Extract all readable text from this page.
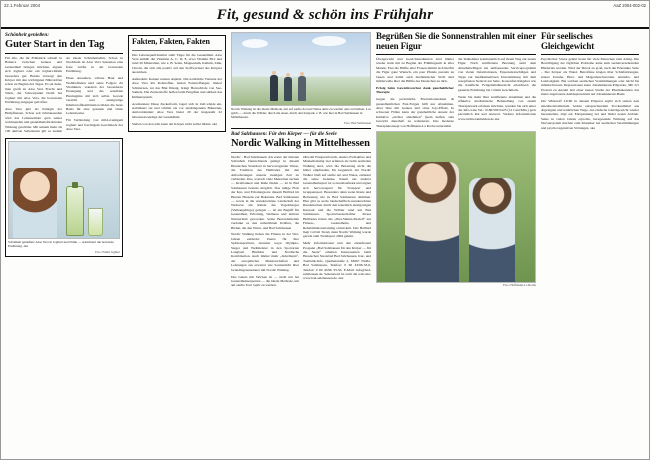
22.1.Februar 2004
Fit, gesund & schön ins Frühjahr
AaZ 2004-002-02
Schönheit genießen:
Guter Start in den Tag

Für alle, die ihr Frühstück schnell in Balance zwischen Genuss und Gesundheit bringen möchten, eignen sich Joghurt oder ein Joghurt-Drink besonders gut. Beides versorgt den Körper mit den wichtigsten Nährstoffen schon zu Beginn des Tages. Es sei denn, man greift zu Aloe Vera Frucht und Stück, der Schwerpunkt bleibt bei Joghurt mit Aloe Vera, die bewussten Ernährung entgegen getroffen.

Aloe Vera gibt als Königin der Heilpflanzen. Schon seit Jahrtausenden wird das Lebenselixier gern seiner wohltuenden und gesundheitsfördernden Wirkung geschätzt. Mit seinem mehr als 100 aktiven Substanzen gilt es zudem als ideale Schönheitsdiät. Schon in Nordrhein ist Aloe Vera Sensation eine feste Größe in der bewussten Ernährung.

Eines Aussehen, schöne Haut und Wohlbefinden sind seine Folgen: Zu Vitaminen, wandern der besonderen Erzeugung und des sensiblen Hautregime mit sich selbst. Gerade verzicht und einzigartige Inhaltsstoffkombination bilden die beste Basis für eine gesunde und vitale Lebensweise.

Für Verbindung von mild-cremigem Joghurt und fruchtigem Geschmack der Aloe Vera.

Schönheit genießen: Aloe Vera in Joghurt und Drink — erleichtern die bewusste Ernährung. akz
Foto: Emmi Joghurt
Fakten, Fakten, Fakten

Das Lebensquell-Institut stellt Tipps für die Gesundheit. Aloe Vera enthält die Vitamine A, C, D, E, etwa Vitamin B12 und rund 20 Mineralien, wie z. B. Selen, Magnesium, Kalium, Zink, Chrom, die sich alle positiv auf den Stoffwechsel des Körpers auswirken.

Außerdem: Kenner nutzen Aspirin. Die natürliche Variante der Aloe Vera übt Rohstoffen, besten Feinstoffangen, lindert Schmerzen, tut das Blut flüssig, bringt Herzschlafe von See-Samele. Die Zuckerstoffe helfen beim Entgiften und stärken das Immunsystem.

Acemannan: Diese Zuckerform, lagert sich in Zell-wände ein, stabilisiert sie und schützt sie vor eindringenden Bakterien, Antioxidantien: Aloe Vera bietet 20 der insgesamt 22 lebensnotwendige der Gesundheit.

Sieben von den acht kann der Körper nicht selbst bilden. akz

Nordic Walking ist die ideale Methode, um auf sanfte Art und Weise aktiv zu werden oder zu bleiben. Los geht's — durch die Wälder, durch die Auen, durch den Kurpark, z. B. wie hier in Bad Salzhausen in Mittelhessen.
Foto: Bad Salzhausen
Bad Salzhausen: Für den Körper — für die Seele
Nordic Walking in Mittelhessen

Nordic - Bad Salzhausen: Als erster der ältesten Schönheit Deutschlands gelingt in diesem Hessischen Staatsbad in hervorragender Weise, die Tradition des Heilbades mit den Anforderungen unserer heutigen Zeit zu verbinden. Das, wonach viele Menschen suchen — Krafttanken und Ruhe finden — ist in Bad Salzhausen bestens möglich. Das ruhige Flair der Kur- und Erholungsorte diesem Heilbad im Herzen Hessens zur Bekannte. Bad Salzhausen — sowie in die wunderschöne Landschaft der Wetterau am Rande des Vogelsberges (Vulkangebirge) gelegen — ist ein Begriff für Gesundheit, Erholung, Wellness und aktiven Naturerlaub geworden. Seine Besonderheiten verdankt es den unberührten Kräften, die Böden, die den Natur- und Bad Salzhausen

Nordic Walking lieben die Fitness in der Wet-Jahren entdeckt. Zuerst für ihre Spitzensportlern, darunter sogar Olympia-Sieger und Weltmeister in den Sportarten Langlauf, Biathlon und Nordische Kombination. Auch immer mehr „Jedermann“, der europäischer Meisterschaften und Leistungen aus erwartet wie Sonnenlicht über Grundlagenausdauer mit Nordic Walking.

Das Gehen mit Stöcken ist — nicht nur bei Gesundheitsexperten — die ideale Methode, um auf sanfte Tour toptit zu werden.

Obwohl Fungsvertrauch, Austro-Fachaktive und Muskeltraining viel erfahren als beim normalen Walking sind, wird die Belastung nicht die höher empfunden, Im Gegenteil, der Nordic Walker läuft auf sanfte Art und Weise, entlastet die seine Gelenke. Kaum ein anderer Gesundheitssport ist so kreislaufstark und eignet sich hervorragend für Transport und Gruppensport. Besonders dann wenn Route und Betreuung wie in Bad Salzhausen stimmen. Hier gibt es sechs landschaftlich-wunderschöne Rundstrecken durch den leisenlich einzigartigen Kurpark und die Wälder rund um Bad Salzhausen. Sportwissenschaftler dieses Heilbades haben das „Drei-Säulen-Modell“ zur Fitness-, Gesundheits- und Rehabilitationstraining entwickelt. Das Heilbad liegt voll im Trend, denn Nordic Walking wurde gerade zum Trendsport 2004 gekürt.

Mehr Informationen und den ehrenfreuen Prospekt „Bad Salzhausen für den Körper — für die Seele“ erhalten Interessenten beim Hessischen Staatsbad Bad Salzhausen, Kur- und Touristik-Info, Quellenstraße 2, 63667 Nidda-Bad Salzhausen, Telefon: 0 60 43/96-33-0, Telefax: 0 60 43/96 33-50, E-Mail: info@bad-salzhausen.de. Sehenswert ist auch die web-site: www.bad-salzhausen.de. akz

Begrüßen Sie die Sonnenstrahlen mit einer neuen Figur

Übergewicht und Gewichtsreduktion sind immer wieder stark mit zu Beginn der Frühlingszeit in aller Munde. Fast die Hälfte aller Frauen nimmt sich hierfür die Figur ganz Wunsch, ein paar Pfunde purzeln zu lassen und damit auch medizinischer Sicht sind mittlerweile über die Hälfte der Deutschen zu dick.

Erfolg beim Gewichtsverlust dank ganzheitlicher Therapie

Gegen die persönliche Frustrationsleisten & gesundheitlichen Fast-Folgen hilft nur Abnehmen. Aber bitte mit Genuss und ohne Jojo-Effekt. In schweren Fällen kann der ganzheitliche Ansatz der Initiative „nichter abnehmen“ (kein helfen, sein Gewicht dauerhaft zu reduzieren. Das moderne Therapiekonzept von Hoffmann-La Roche unterstützt

die Teilnehmer kontinuierlich auf ihrem Weg zur neuen Figur. Nach zertifizierte Beratung steht dem Abnehmwilligen ein umfassendes Serviceprogramm von vielen Informationen, Expertenratschlägen und Tipps zur medikamentösen Unterstützung mit dem rezeptfreien Xenical zur Seite. Kostenfrei Ratgeber wie die handliche Fettgehaltsübersicht erleichtern die gesunde Ernährung bei vollem Geschmack.

Wenn Sie mehr über zertifizierte abnehmen und die effektive medizinische Behandlung von einem Therapiewerk erfahren möchten, wenden Sie sich unter der Info-Line Tel.: 0180/599 0225 (12 Cent/Min.) gern persönlich Rat und Antwort. Weitere Informationen www.nichteranmelden.de akz

Foto: Hoffmann-La Roche
Für seelisches Gleichgewicht

Psychischer Stress gehört heute für viele Menschen zum Alltag. Die Bewältigung der täglichen Probleme kann zum seelenverzehrenden Hindernis werden. Wird der Druck zu groß, nach die Erkrankte Seite – Der Körper als Wand. Betroffene klagen über Schlafstörungen, innere Unruhe, Herz- und Magenbeschwerden, Antriebs- und Lustlosigkeit. Bei solchen seelischen Verstimmungen oder leicht bis mittelschweren Depressionen kann Johanniskraut-Präparate, Mit 0,5 Prozent zu Anzahl laut einer neuen Studie der Pharmakunden das meist angebotene Antidepressivum auf Johanniskraut-Basis.

Der Wirkstoff LI160 in diesem Präparat ergibt sich seinen Aus einzelkontrolliertem Anbau entsprechendem Trockenmittel aus abgelegten und natürlichen Wege, das einfache Gleichgewicht wieder herzustellen, zügt zur Entspannung bei und bildet neuen Antrieb. Seine in vielen Jahren erprobte, herzgesunde Wirkung auf das Nervensystem machen zum Klassiker bei seelischen Verstimmungen und psychovegetativen Störungen. akz
